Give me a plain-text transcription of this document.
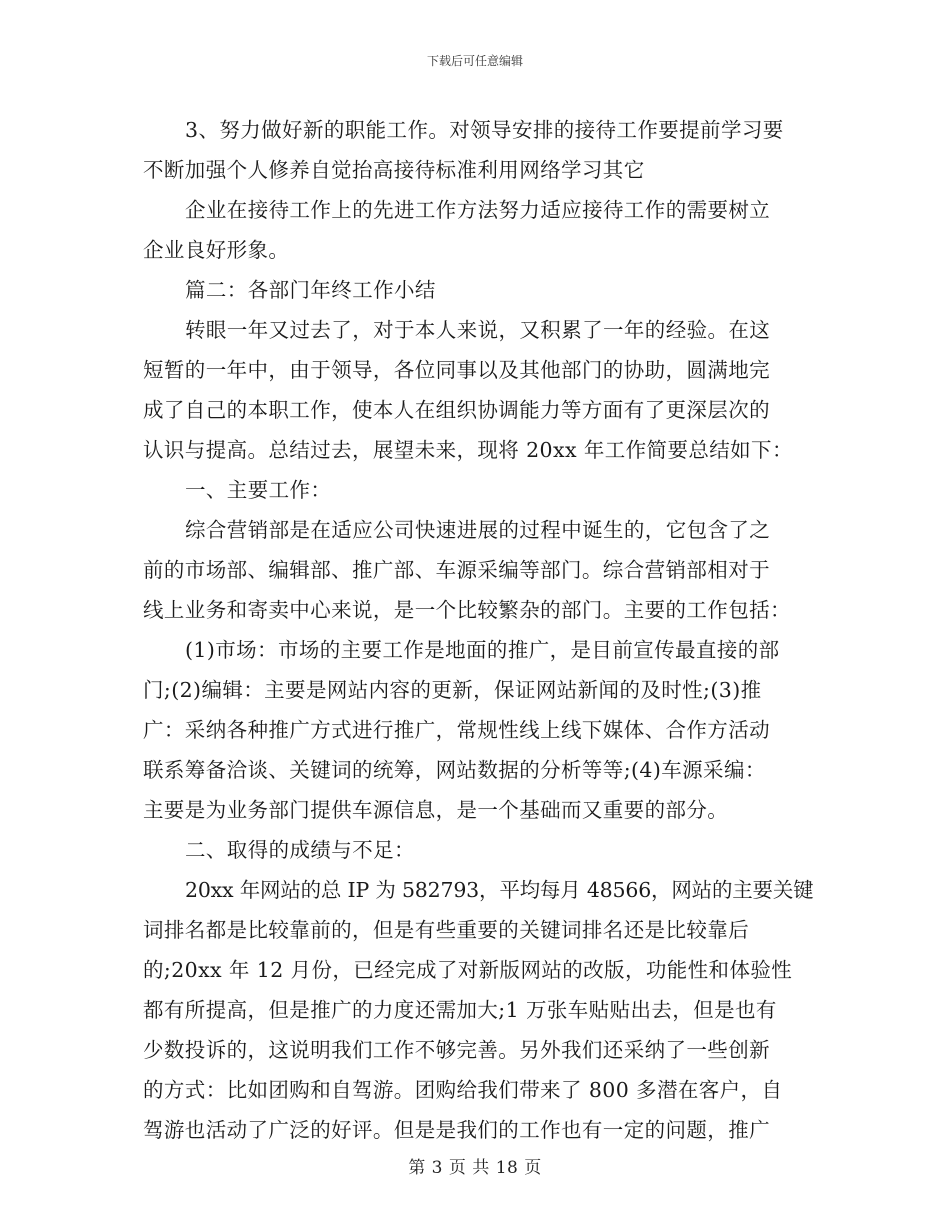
下载后可任意编辑
3、努力做好新的职能工作。对领导安排的接待工作要提前学习要
不断加强个人修养自觉抬高接待标准利用网络学习其它
企业在接待工作上的先进工作方法努力适应接待工作的需要树立
企业良好形象。
篇二：各部门年终工作小结
转眼一年又过去了，对于本人来说，又积累了一年的经验。在这
短暂的一年中，由于领导，各位同事以及其他部门的协助，圆满地完
成了自己的本职工作，使本人在组织协调能力等方面有了更深层次的
认识与提高。总结过去，展望未来，现将 20xx 年工作简要总结如下：
一、主要工作：
综合营销部是在适应公司快速进展的过程中诞生的，它包含了之
前的市场部、编辑部、推广部、车源采编等部门。综合营销部相对于
线上业务和寄卖中心来说，是一个比较繁杂的部门。主要的工作包括：
(1)市场：市场的主要工作是地面的推广，是目前宣传最直接的部
门;(2)编辑：主要是网站内容的更新，保证网站新闻的及时性;(3)推
广：采纳各种推广方式进行推广，常规性线上线下媒体、合作方活动
联系筹备洽谈、关键词的统筹，网站数据的分析等等;(4)车源采编：
主要是为业务部门提供车源信息，是一个基础而又重要的部分。
二、取得的成绩与不足：
20xx 年网站的总 IP 为 582793，平均每月 48566，网站的主要关键
词排名都是比较靠前的，但是有些重要的关键词排名还是比较靠后
的;20xx 年 12 月份，已经完成了对新版网站的改版，功能性和体验性
都有所提高，但是推广的力度还需加大;1 万张车贴贴出去，但是也有
少数投诉的，这说明我们工作不够完善。另外我们还采纳了一些创新
的方式：比如团购和自驾游。团购给我们带来了 800 多潜在客户，自
驾游也活动了广泛的好评。但是是我们的工作也有一定的问题，推广
第 3 页 共 18 页
